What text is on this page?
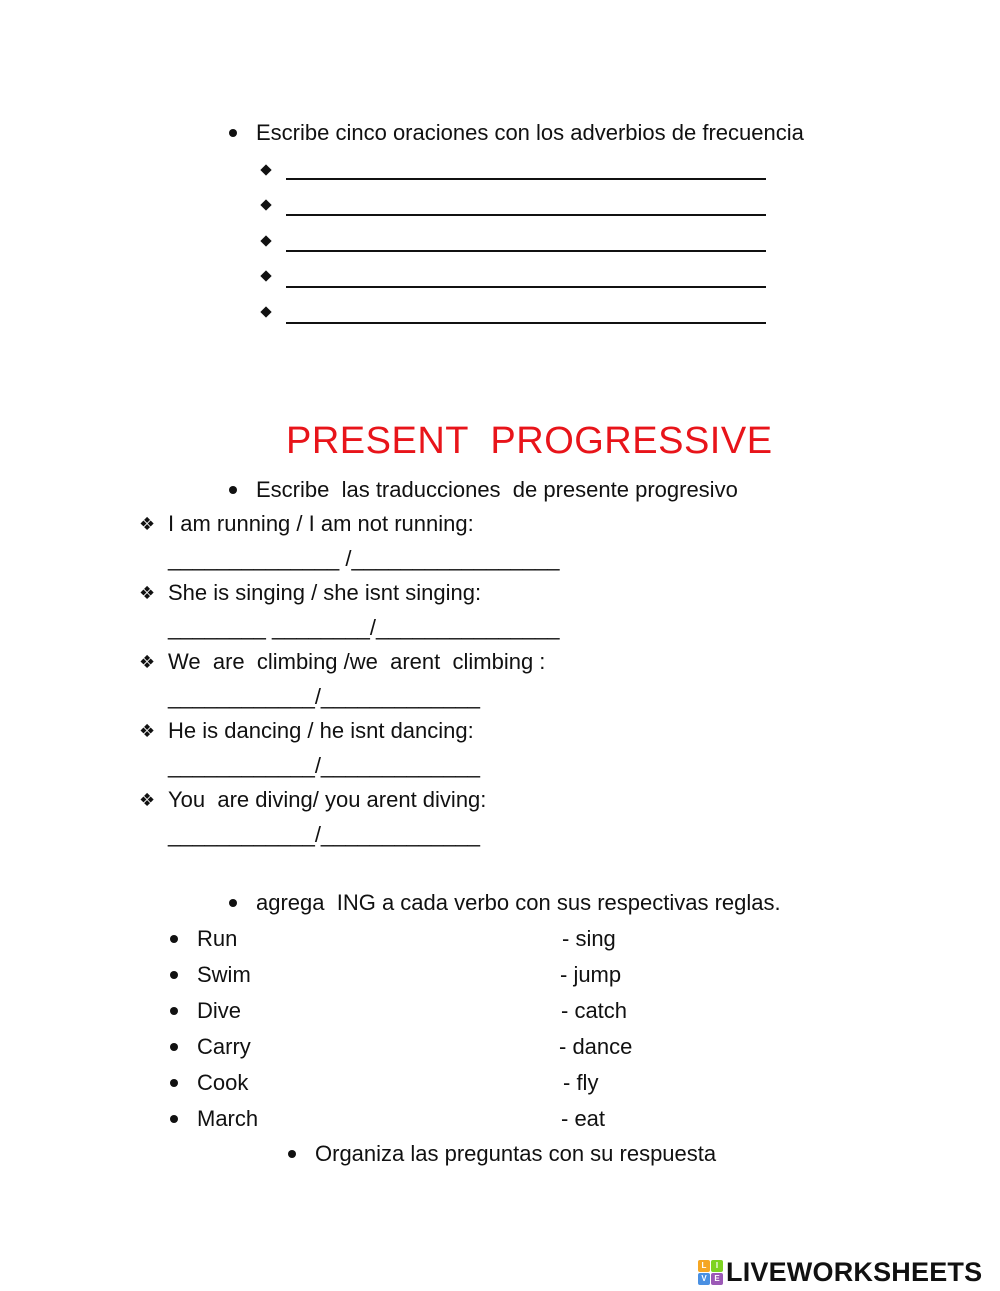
Escribe cinco oraciones con los adverbios de frecuencia
PRESENT  PROGRESSIVE
Escribe  las traducciones  de presente progresivo
❖ I am running / I am not running:
______________ /_________________
❖ She is singing / she isnt singing:
________ ________/_______________
❖ We  are  climbing /we  arent  climbing :
____________/_____________
❖ He is dancing / he isnt dancing:
____________/_____________
❖ You  are diving/ you arent diving:
____________/_____________
agrega  ING a cada verbo con sus respectivas reglas.
Run	- sing
Swim	- jump
Dive	- catch
Carry	- dance
Cook	- fly
March	- eat
Organiza las preguntas con su respuesta
L	I
V E LIVEWORKSHEETS
